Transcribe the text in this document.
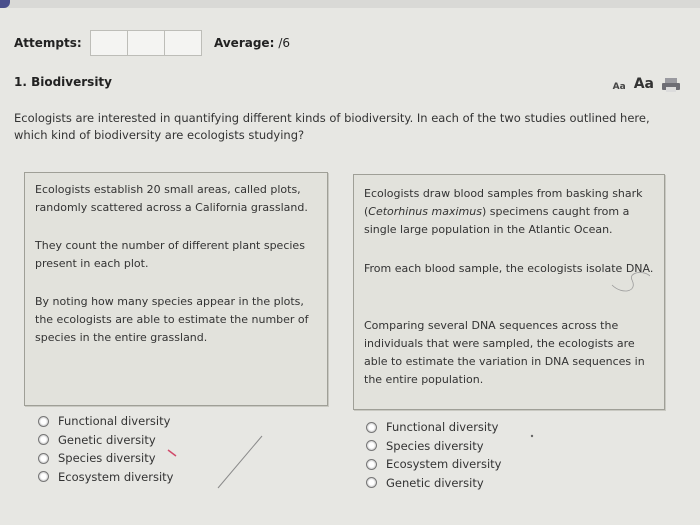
Attempts:	Average: /6
1. Biodiversity	Aa Aa
Ecologists are interested in quantifying different kinds of biodiversity. In each of the two studies outlined here, which kind of biodiversity are ecologists studying?

Ecologists establish 20 small areas, called plots, randomly scattered across a California grassland.

They count the number of different plant species present in each plot.

By noting how many species appear in the plots, the ecologists are able to estimate the number of species in the entire grassland.

Ecologists draw blood samples from basking shark (Cetorhinus maximus) specimens caught from a single large population in the Atlantic Ocean.

From each blood sample, the ecologists isolate DNA.

Comparing several DNA sequences across the individuals that were sampled, the ecologists are able to estimate the variation in DNA sequences in the entire population.

Functional diversity
Genetic diversity
Species diversity
Ecosystem diversity
Functional diversity
Species diversity
Ecosystem diversity
Genetic diversity
